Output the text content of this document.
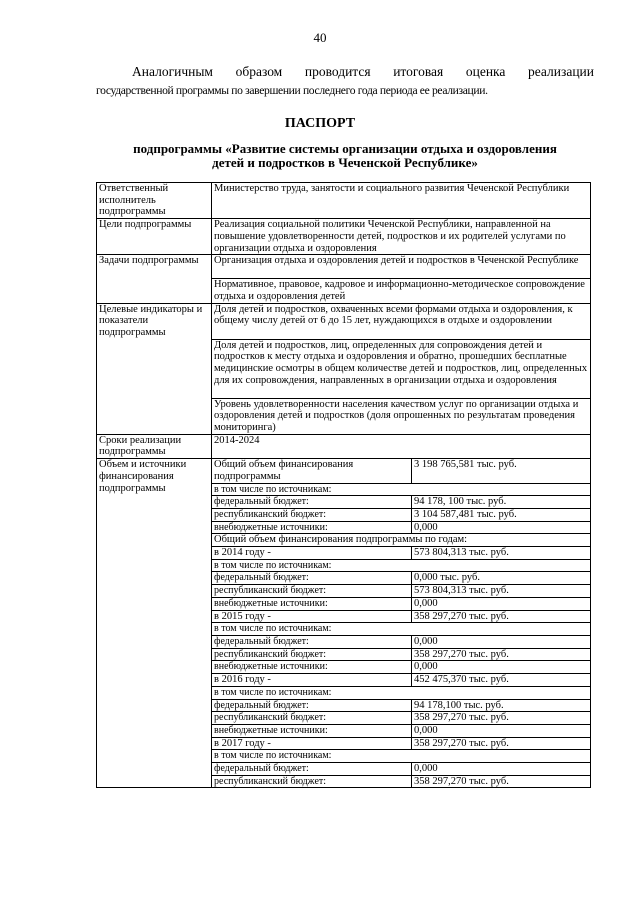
40
Аналогичным образом проводится итоговая оценка реализации
государственной программы по завершении последнего года периода ее реализации.
ПАСПОРТ
подпрограммы «Развитие системы организации отдыха и оздоровления
детей и подростков в Чеченской Республике»
Ответственный исполнитель подпрограммы	Министерство труда, занятости и социального развития Чеченской Республики	
Цели подпрограммы	Реализация социальной политики Чеченской Республики, направленной на повышение удовлетворенности детей, подростков и их родителей услугами по организации отдыха и оздоровления	
Задачи подпрограммы	Организация отдыха и оздоровления детей и подростков в Чеченской Республике	
	Нормативное, правовое, кадровое и информационно-методическое сопровождение отдыха и оздоровления детей	
Целевые индикаторы и показатели подпрограммы	Доля детей и подростков, охваченных всеми формами отдыха и оздоровления, к общему числу детей от 6 до 15 лет, нуждающихся в отдыхе и оздоровлении	
	Доля детей и подростков, лиц, определенных для сопровождения детей и подростков к месту отдыха и оздоровления и обратно, прошедших бесплатные медицинские осмотры в общем количестве детей и подростков, лиц, определенных для их сопровождения, направленных в организации отдыха и оздоровления	
	Уровень удовлетворенности населения качеством услуг по организации отдыха и оздоровления детей и подростков (доля опрошенных по результатам проведения мониторинга)	
Сроки реализации подпрограммы	2014-2024	
Объем и источники финансирования подпрограммы	Общий объем финансирования подпрограммы	3 198 765,581 тыс. руб.
	в том числе по источникам:	
	федеральный бюджет:	94 178, 100 тыс. руб.
	республиканский бюджет:	3 104 587,481 тыс. руб.
	внебюджетные источники:	0,000
	Общий объем финансирования подпрограммы по годам:	
	в 2014 году -	573 804,313 тыс. руб.
	в том числе по источникам:	
	федеральный бюджет:	0,000 тыс. руб.
	республиканский бюджет:	573 804,313 тыс. руб.
	внебюджетные источники:	0,000
	в 2015 году -	358 297,270 тыс. руб.
	в том числе по источникам:	
	федеральный бюджет:	0,000
	республиканский бюджет:	358 297,270 тыс. руб.
	внебюджетные источники:	0,000
	в 2016 году -	452 475,370 тыс. руб.
	в том числе по источникам:	
	федеральный бюджет:	94 178,100 тыс. руб.
	республиканский бюджет:	358 297,270 тыс. руб.
	внебюджетные источники:	0,000
	в 2017 году -	358 297,270 тыс. руб.
	в том числе по источникам:	
	федеральный бюджет:	0,000
	республиканский бюджет:	358 297,270 тыс. руб.
